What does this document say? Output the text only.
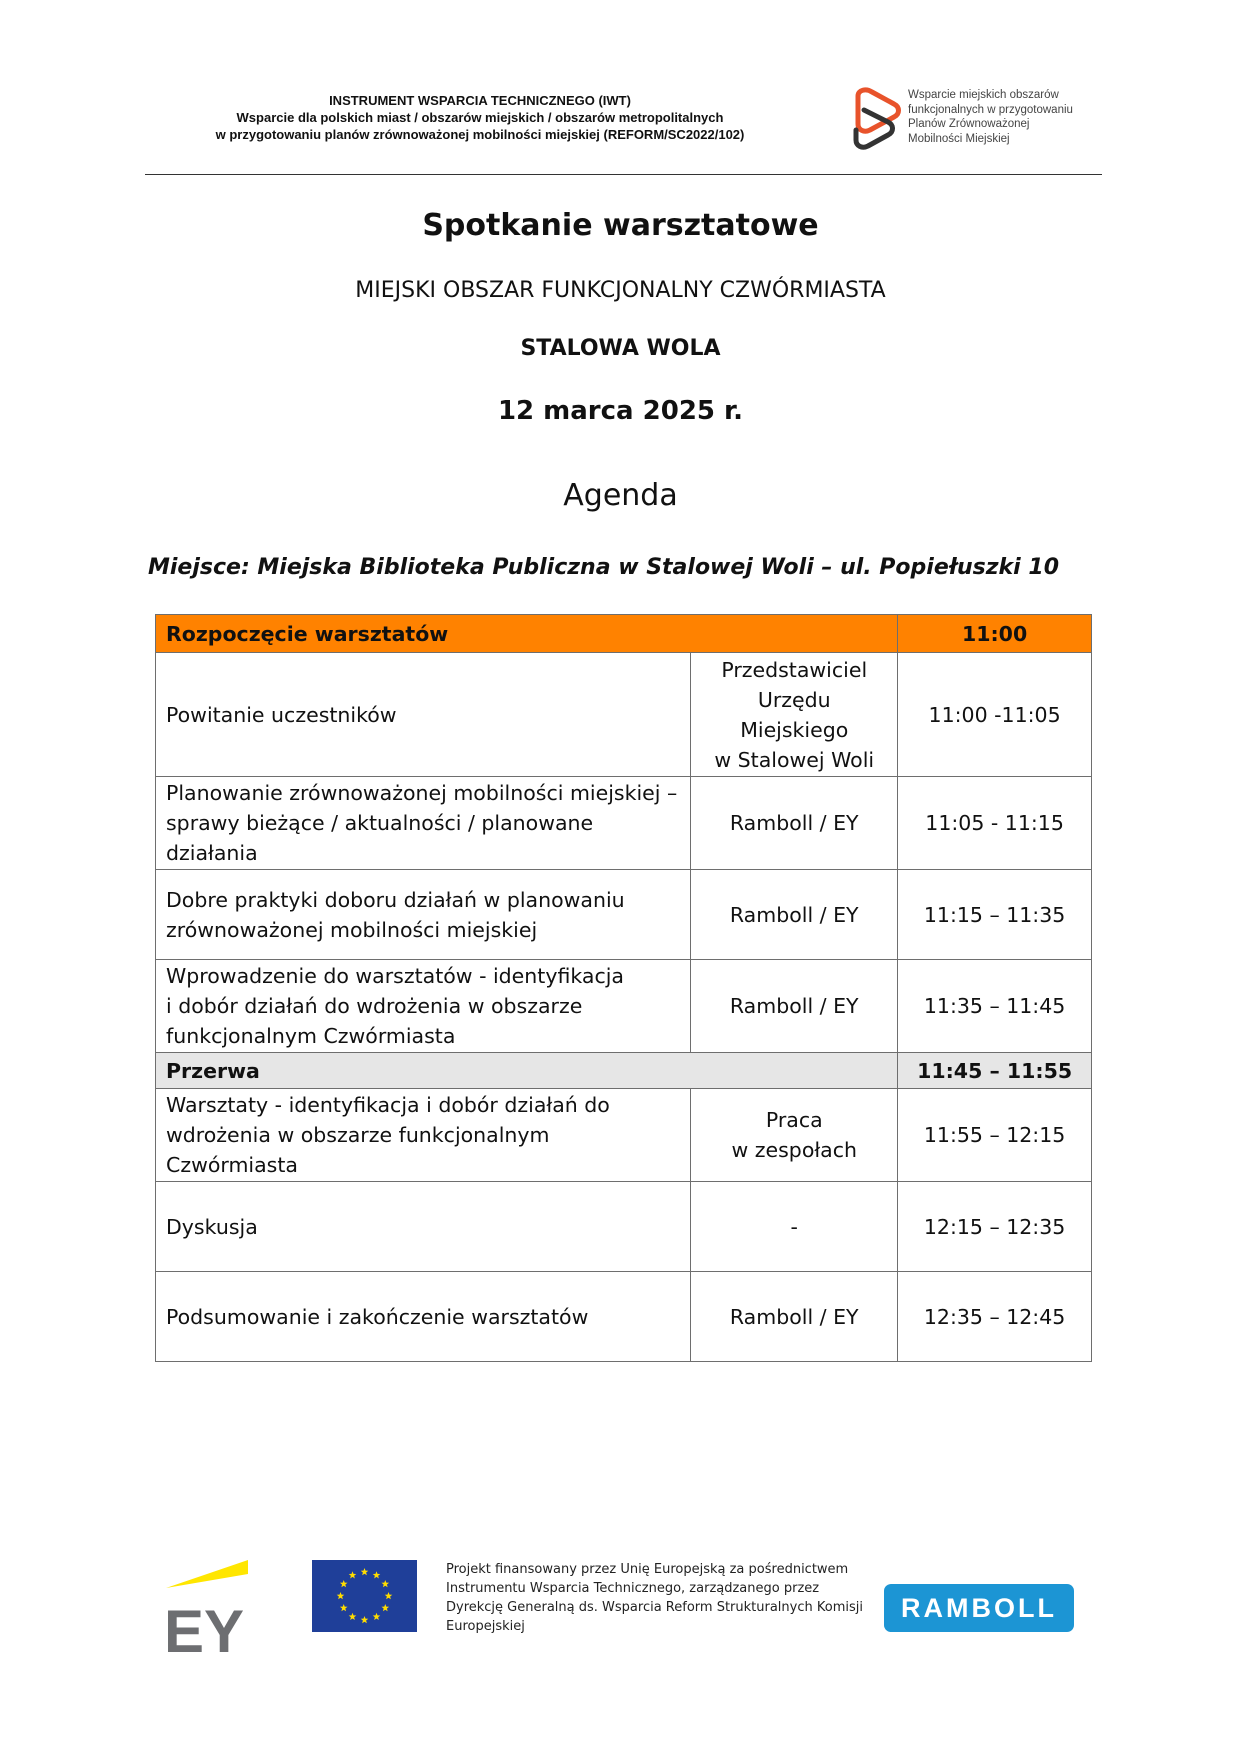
INSTRUMENT WSPARCIA TECHNICZNEGO (IWT)
Wsparcie dla polskich miast / obszarów miejskich / obszarów metropolitalnych
w przygotowaniu planów zrównoważonej mobilności miejskiej (REFORM/SC2022/102)
Wsparcie miejskich obszarów
funkcjonalnych w przygotowaniu
Planów Zrównoważonej
Mobilności Miejskiej
Spotkanie warsztatowe
MIEJSKI OBSZAR FUNKCJONALNY CZWÓRMIASTA
STALOWA WOLA
12 marca 2025 r.
Agenda
Miejsce: Miejska Biblioteka Publiczna w Stalowej Woli – ul. Popiełuszki 10
Rozpoczęcie warsztatów		11:00

Powitanie uczestników	Przedstawiciel
Urzędu
Miejskiego
w Stalowej Woli	11:00 -11:05

Planowanie zrównoważonej mobilności miejskiej –
sprawy bieżące / aktualności / planowane
działania	Ramboll / EY	11:05 - 11:15

Dobre praktyki doboru działań w planowaniu
zrównoważonej mobilności miejskiej	Ramboll / EY	11:15 – 11:35

Wprowadzenie do warsztatów - identyfikacja
i dobór działań do wdrożenia w obszarze
funkcjonalnym Czwórmiasta	Ramboll / EY	11:35 – 11:45
Przerwa		11:45 – 11:55

Warsztaty - identyfikacja i dobór działań do
wdrożenia w obszarze funkcjonalnym
Czwórmiasta	Praca
w zespołach	11:55 – 12:15

Dyskusja	-	12:15 – 12:35

Podsumowanie i zakończenie warsztatów	Ramboll / EY	12:35 – 12:45
EY
Projekt finansowany przez Unię Europejską za pośrednictwem
Instrumentu Wsparcia Technicznego, zarządzanego przez
Dyrekcję Generalną ds. Wsparcia Reform Strukturalnych Komisji
Europejskiej
RAMBOLL
